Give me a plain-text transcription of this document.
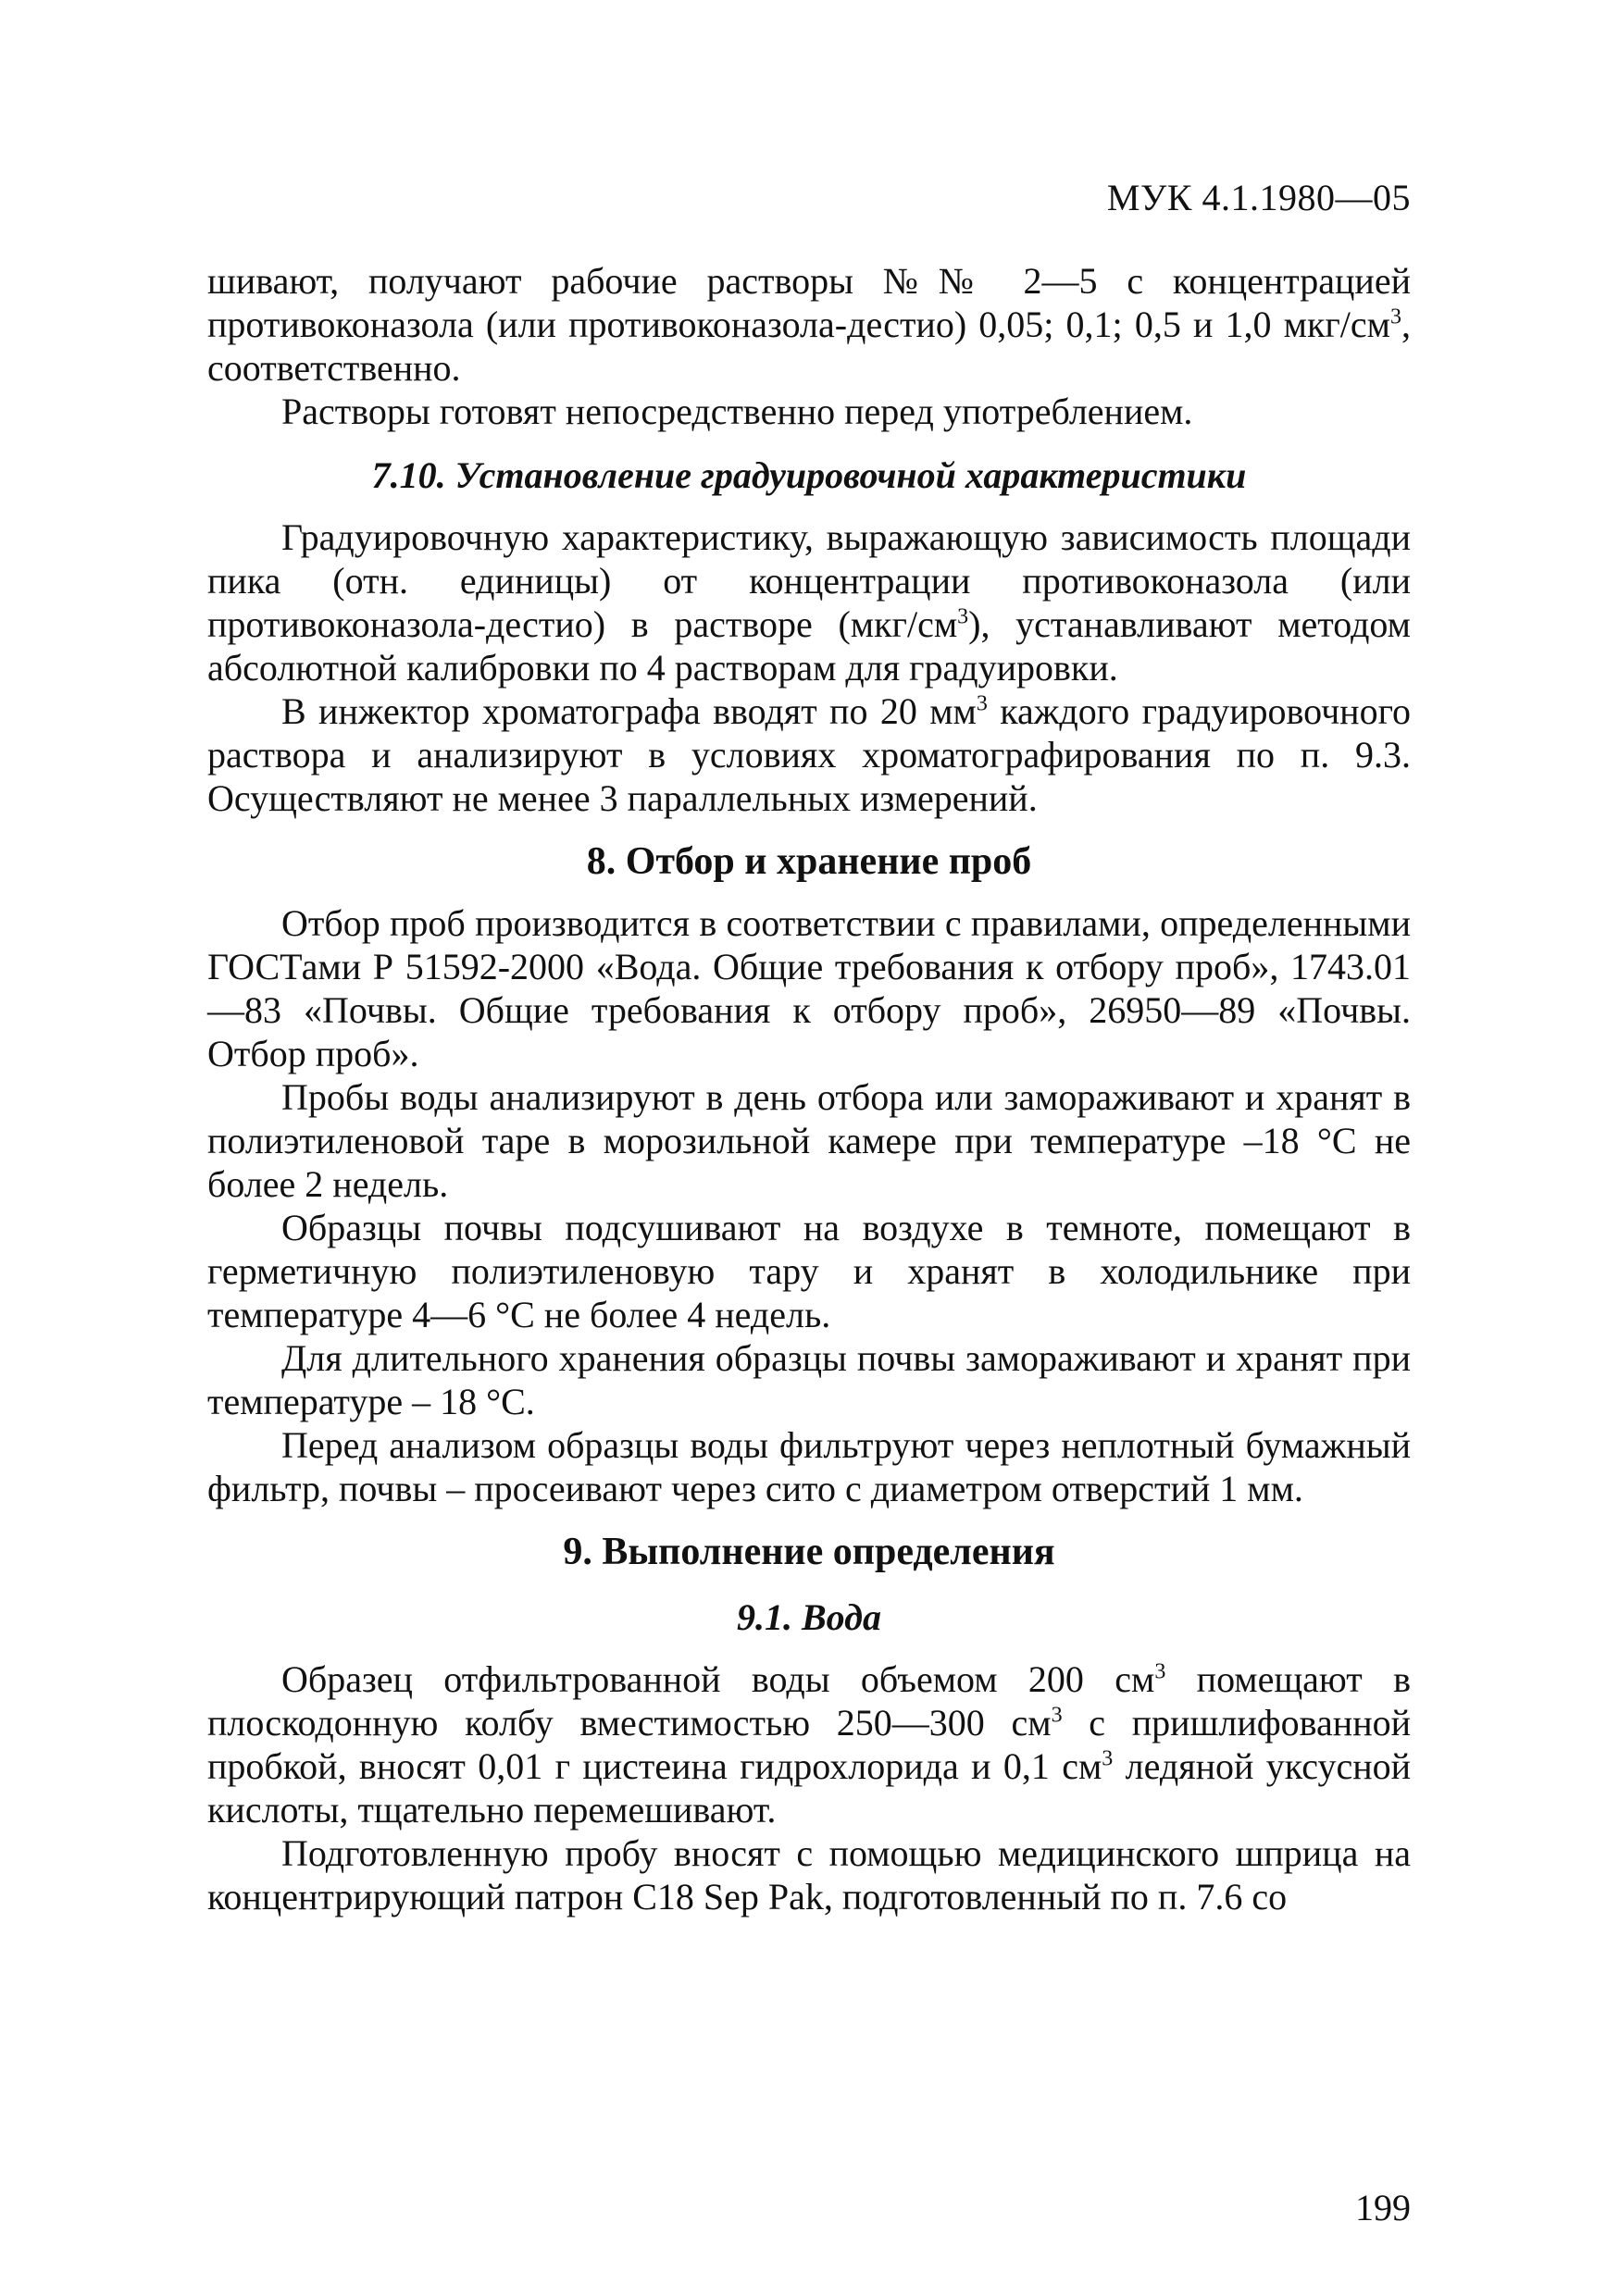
МУК 4.1.1980—05

шивают, получают рабочие растворы №№ 2—5 с концентрацией противоконазола (или противоконазола-дестио) 0,05; 0,1; 0,5 и 1,0 мкг/$см^3$, соответственно.

Растворы готовят непосредственно перед употреблением.

7.10. Установление градуировочной характеристики

Градуировочную характеристику, выражающую зависимость площади пика (отн. единицы) от концентрации противоконазола (или противоконазола-дестио) в растворе $(мкг/см^3)$, устанавливают методом абсолютной калибровки по 4 растворам для градуировки.

В инжектор хроматографа вводят по 20 $мм^3$ каждого градуировочного раствора и анализируют в условиях хроматографирования по п. 9.3. Осуществляют не менее 3 параллельных измерений.

8. Отбор и хранение проб

Отбор проб производится в соответствии с правилами, определенными ГОСТами Р 51592-2000 «Вода. Общие требования к отбору проб», 1743.01—83 «Почвы. Общие требования к отбору проб», 26950—89 «Почвы. Отбор проб».

Пробы воды анализируют в день отбора или замораживают и хранят в полиэтиленовой таре в морозильной камере при температуре –18 °С не более 2 недель.

Образцы почвы подсушивают на воздухе в темноте, помещают в герметичную полиэтиленовую тару и хранят в холодильнике при температуре 4—6 °С не более 4 недель.

Для длительного хранения образцы почвы замораживают и хранят при температуре – 18 °С.

Перед анализом образцы воды фильтруют через неплотный бумажный фильтр, почвы – просеивают через сито с диаметром отверстий 1 мм.

9. Выполнение определения
9.1. Вода

Образец отфильтрованной воды объемом 200 $см^3$ помещают в плоскодонную колбу вместимостью 250—300 $см^3$ с пришлифованной пробкой, вносят 0,01 г цистеина гидрохлорида и 0,1 $см^3$ ледяной уксусной кислоты, тщательно перемешивают.

Подготовленную пробу вносят с помощью медицинского шприца на концентрирующий патрон С18 Sep Pak, подготовленный по п. 7.6 со

199
